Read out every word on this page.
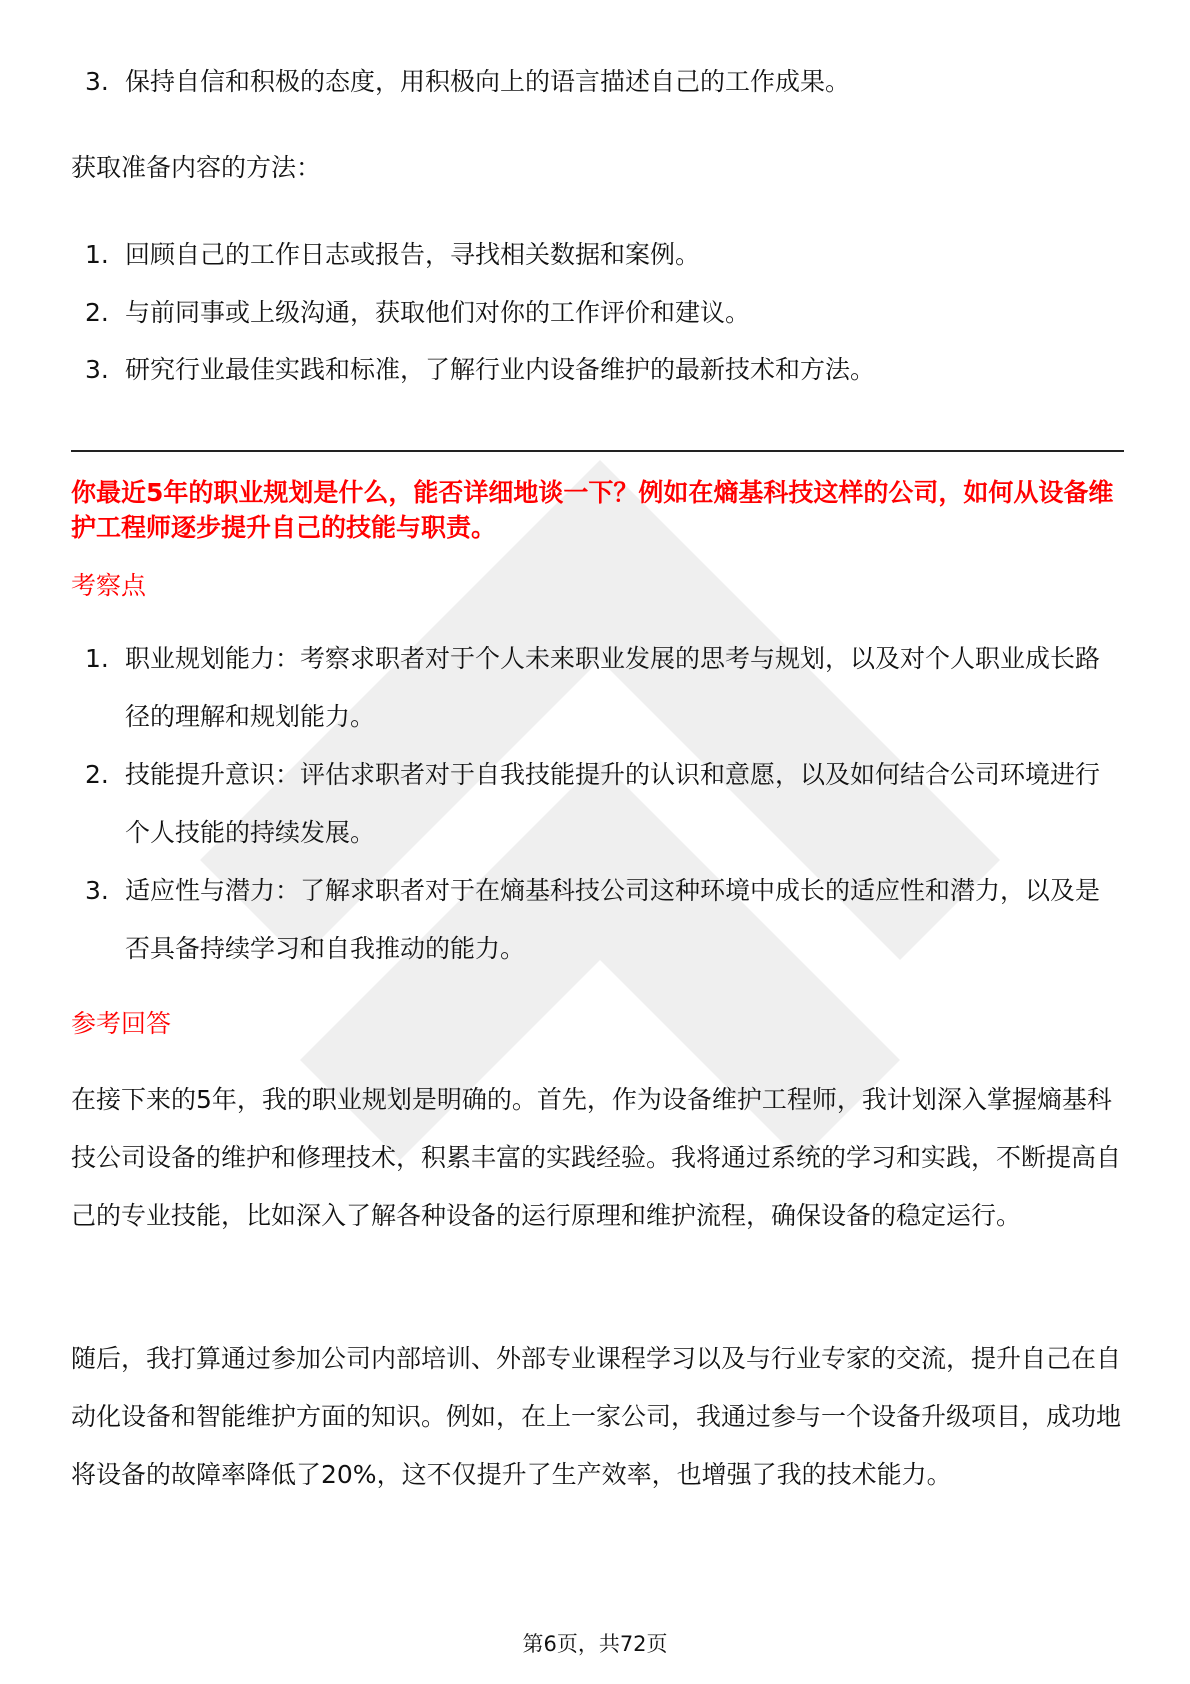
3. 保持自信和积极的态度，用积极向上的语言描述自己的工作成果。
获取准备内容的方法：
1. 回顾自己的工作日志或报告，寻找相关数据和案例。
2. 与前同事或上级沟通，获取他们对你的工作评价和建议。
3. 研究行业最佳实践和标准，了解行业内设备维护的最新技术和方法。
你最近5年的职业规划是什么，能否详细地谈一下？例如在熵基科技这样的公司，如何从设备维护工程师逐步提升自己的技能与职责。
考察点
1. 职业规划能力：考察求职者对于个人未来职业发展的思考与规划，以及对个人职业成长路径的理解和规划能力。
2. 技能提升意识：评估求职者对于自我技能提升的认识和意愿，以及如何结合公司环境进行个人技能的持续发展。
3. 适应性与潜力：了解求职者对于在熵基科技公司这种环境中成长的适应性和潜力，以及是否具备持续学习和自我推动的能力。
参考回答
在接下来的5年，我的职业规划是明确的。首先，作为设备维护工程师，我计划深入掌握熵基科技公司设备的维护和修理技术，积累丰富的实践经验。我将通过系统的学习和实践，不断提高自己的专业技能，比如深入了解各种设备的运行原理和维护流程，确保设备的稳定运行。
随后，我打算通过参加公司内部培训、外部专业课程学习以及与行业专家的交流，提升自己在自动化设备和智能维护方面的知识。例如，在上一家公司，我通过参与一个设备升级项目，成功地将设备的故障率降低了20%，这不仅提升了生产效率，也增强了我的技术能力。
第6页，共72页
